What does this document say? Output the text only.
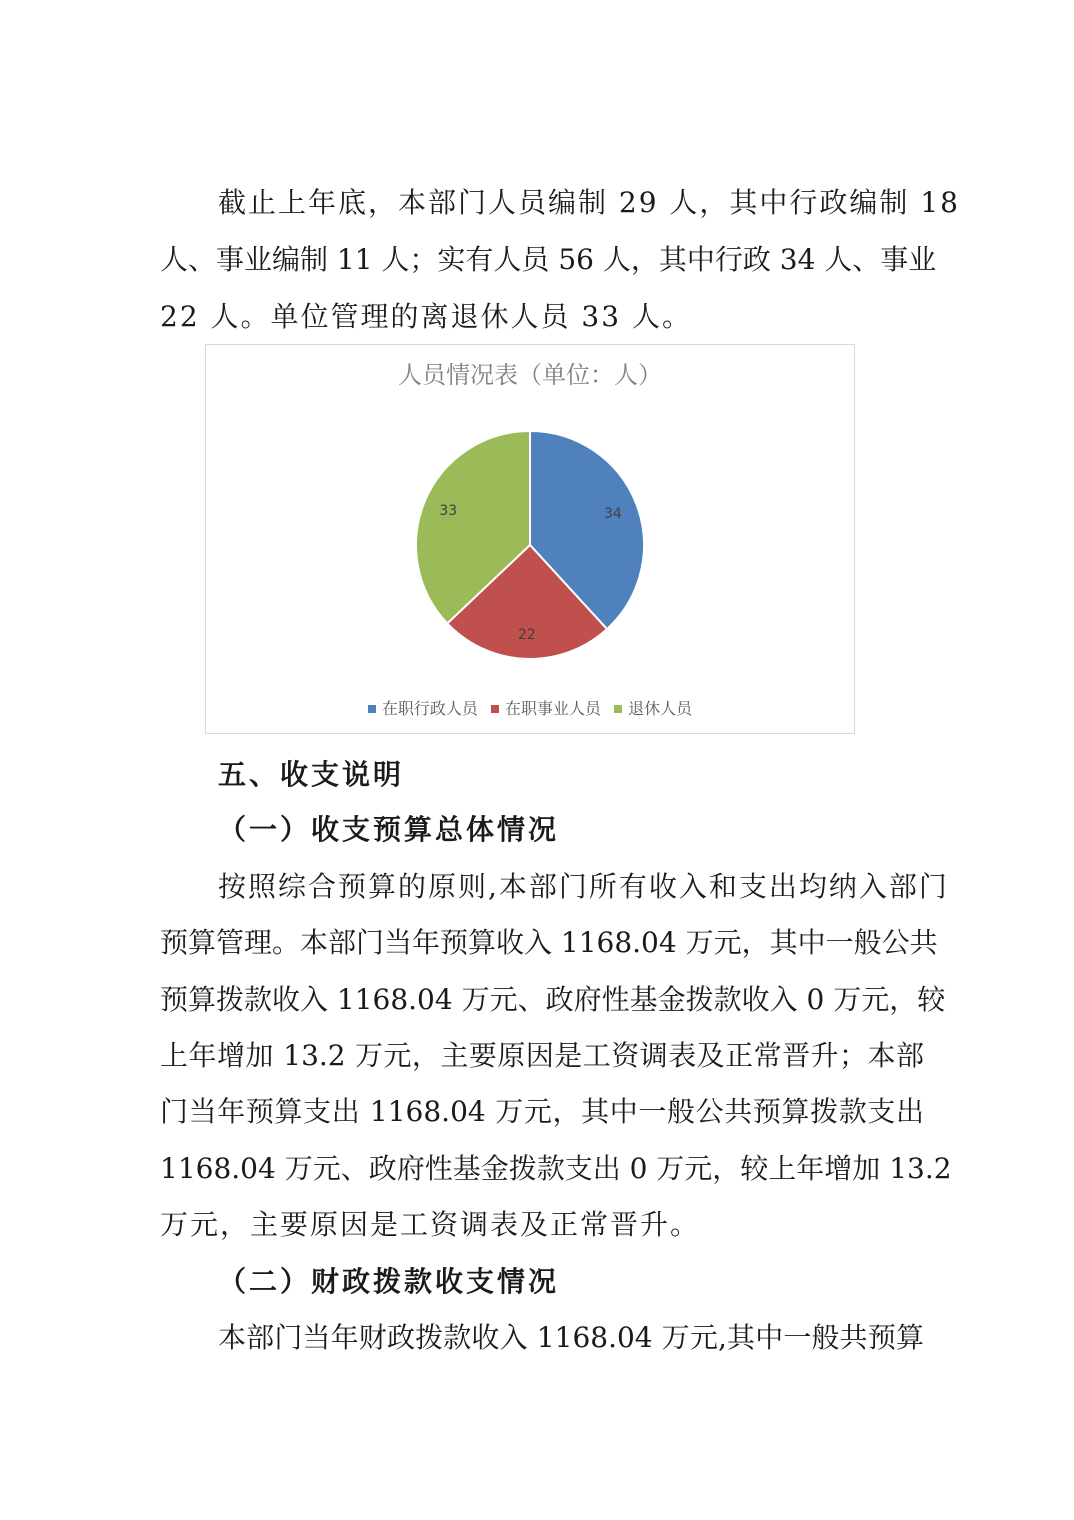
截止上年底，本部门人员编制 29 人，其中行政编制 18
人、事业编制 11 人；实有人员 56 人，其中行政 34 人、事业
22 人。单位管理的离退休人员 33 人。
人员情况表（单位：人）
34
22
33
在职行政人员 在职事业人员 退休人员
五、收支说明
（一）收支预算总体情况
按照综合预算的原则,本部门所有收入和支出均纳入部门
预算管理。本部门当年预算收入 1168.04 万元，其中一般公共
预算拨款收入 1168.04 万元、政府性基金拨款收入 0 万元，较
上年增加 13.2 万元，主要原因是工资调表及正常晋升；本部
门当年预算支出 1168.04 万元，其中一般公共预算拨款支出
1168.04 万元、政府性基金拨款支出 0 万元，较上年增加 13.2
万元，主要原因是工资调表及正常晋升。
（二）财政拨款收支情况
本部门当年财政拨款收入 1168.04 万元,其中一般共预算
